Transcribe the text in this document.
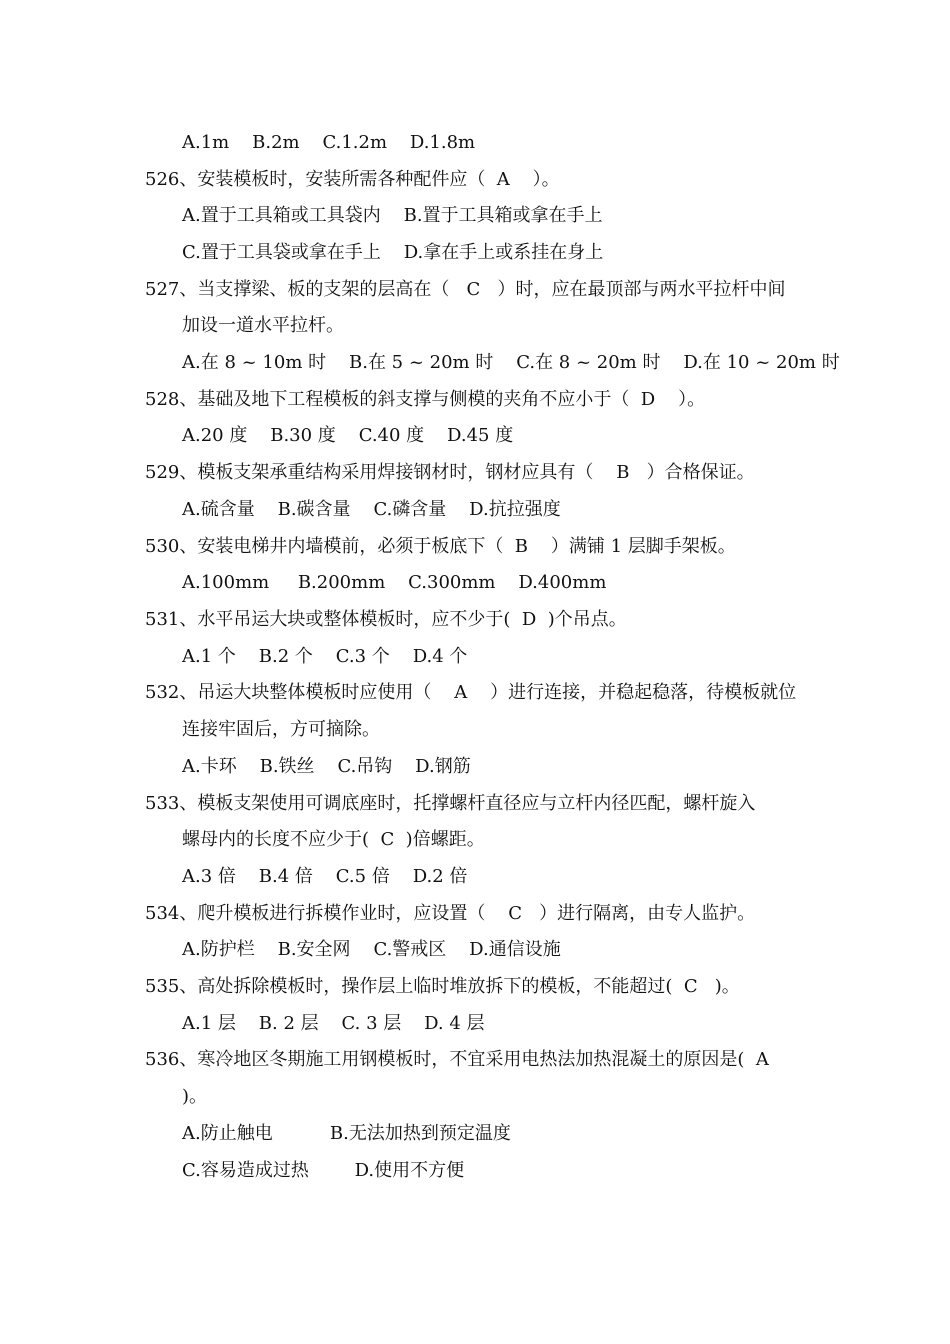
A.1m    B.2m    C.1.2m    D.1.8m
526、安装模板时，安装所需各种配件应（  A    ）。
A.置于工具箱或工具袋内    B.置于工具箱或拿在手上
C.置于工具袋或拿在手上    D.拿在手上或系挂在身上
527、当支撑梁、板的支架的层高在（   C   ）时，应在最顶部与两水平拉杆中间
加设一道水平拉杆。
A.在 8 ~ 10m 时    B.在 5 ~ 20m 时    C.在 8 ~ 20m 时    D.在 10 ~ 20m 时
528、基础及地下工程模板的斜支撑与侧模的夹角不应小于（  D    ）。
A.20 度    B.30 度    C.40 度    D.45 度
529、模板支架承重结构采用焊接钢材时，钢材应具有（    B   ）合格保证。
A.硫含量    B.碳含量    C.磷含量    D.抗拉强度
530、安装电梯井内墙模前，必须于板底下（  B    ）满铺 1 层脚手架板。
A.100mm     B.200mm    C.300mm    D.400mm
531、水平吊运大块或整体模板时，应不少于(  D  )个吊点。
A.1 个    B.2 个    C.3 个    D.4 个
532、吊运大块整体模板时应使用（    A    ）进行连接，并稳起稳落，待模板就位
连接牢固后，方可摘除。
A.卡环    B.铁丝    C.吊钩    D.钢筋
533、模板支架使用可调底座时，托撑螺杆直径应与立杆内径匹配，螺杆旋入
螺母内的长度不应少于(  C  )倍螺距。
A.3 倍    B.4 倍    C.5 倍    D.2 倍
534、爬升模板进行拆模作业时，应设置（    C   ）进行隔离，由专人监护。
A.防护栏    B.安全网    C.警戒区    D.通信设施
535、高处拆除模板时，操作层上临时堆放拆下的模板，不能超过(  C   )。
A.1 层    B. 2 层    C. 3 层    D. 4 层
536、寒冷地区冬期施工用钢模板时，不宜采用电热法加热混凝土的原因是(  A
)。
A.防止触电          B.无法加热到预定温度
C.容易造成过热        D.使用不方便
